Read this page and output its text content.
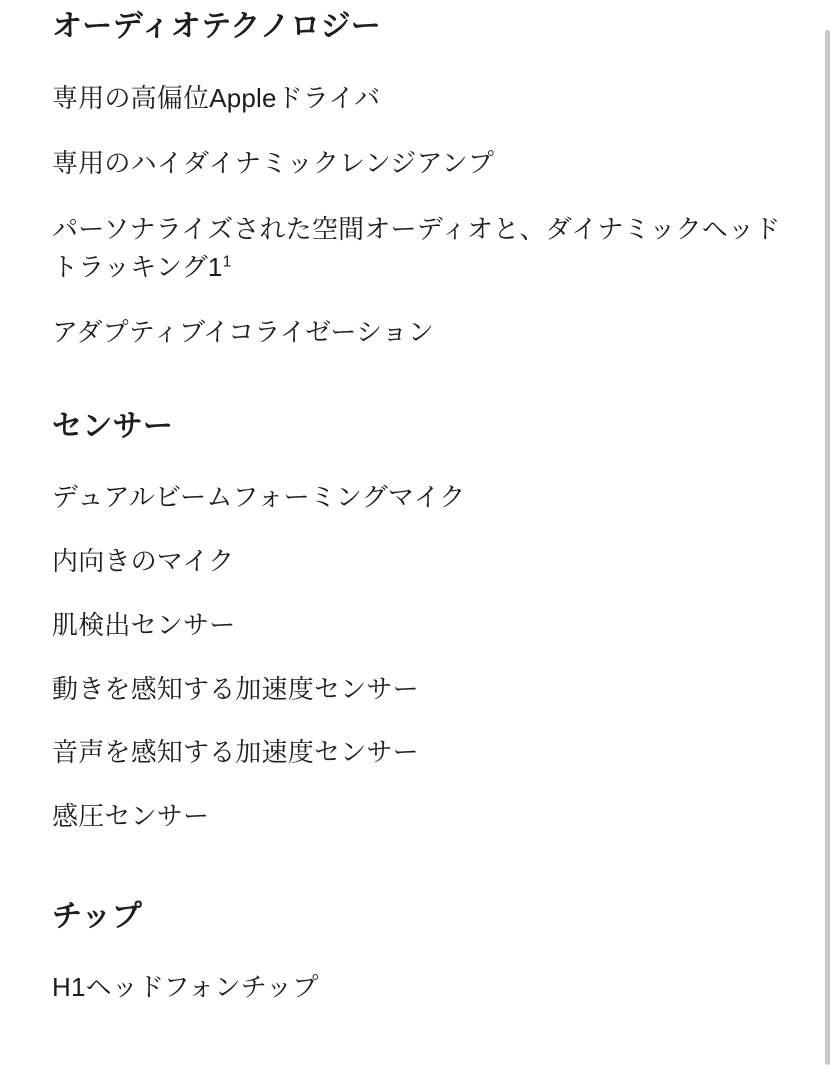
オーディオテクノロジー
専用の高偏位Appleドライバ
専用のハイダイナミックレンジアンプ
パーソナライズされた空間オーディオと、ダイナミックヘッドトラッキング$1^1$
アダプティブイコライゼーション
センサー
デュアルビームフォーミングマイク
内向きのマイク
肌検出センサー
動きを感知する加速度センサー
音声を感知する加速度センサー
感圧センサー
チップ
H1ヘッドフォンチップ
